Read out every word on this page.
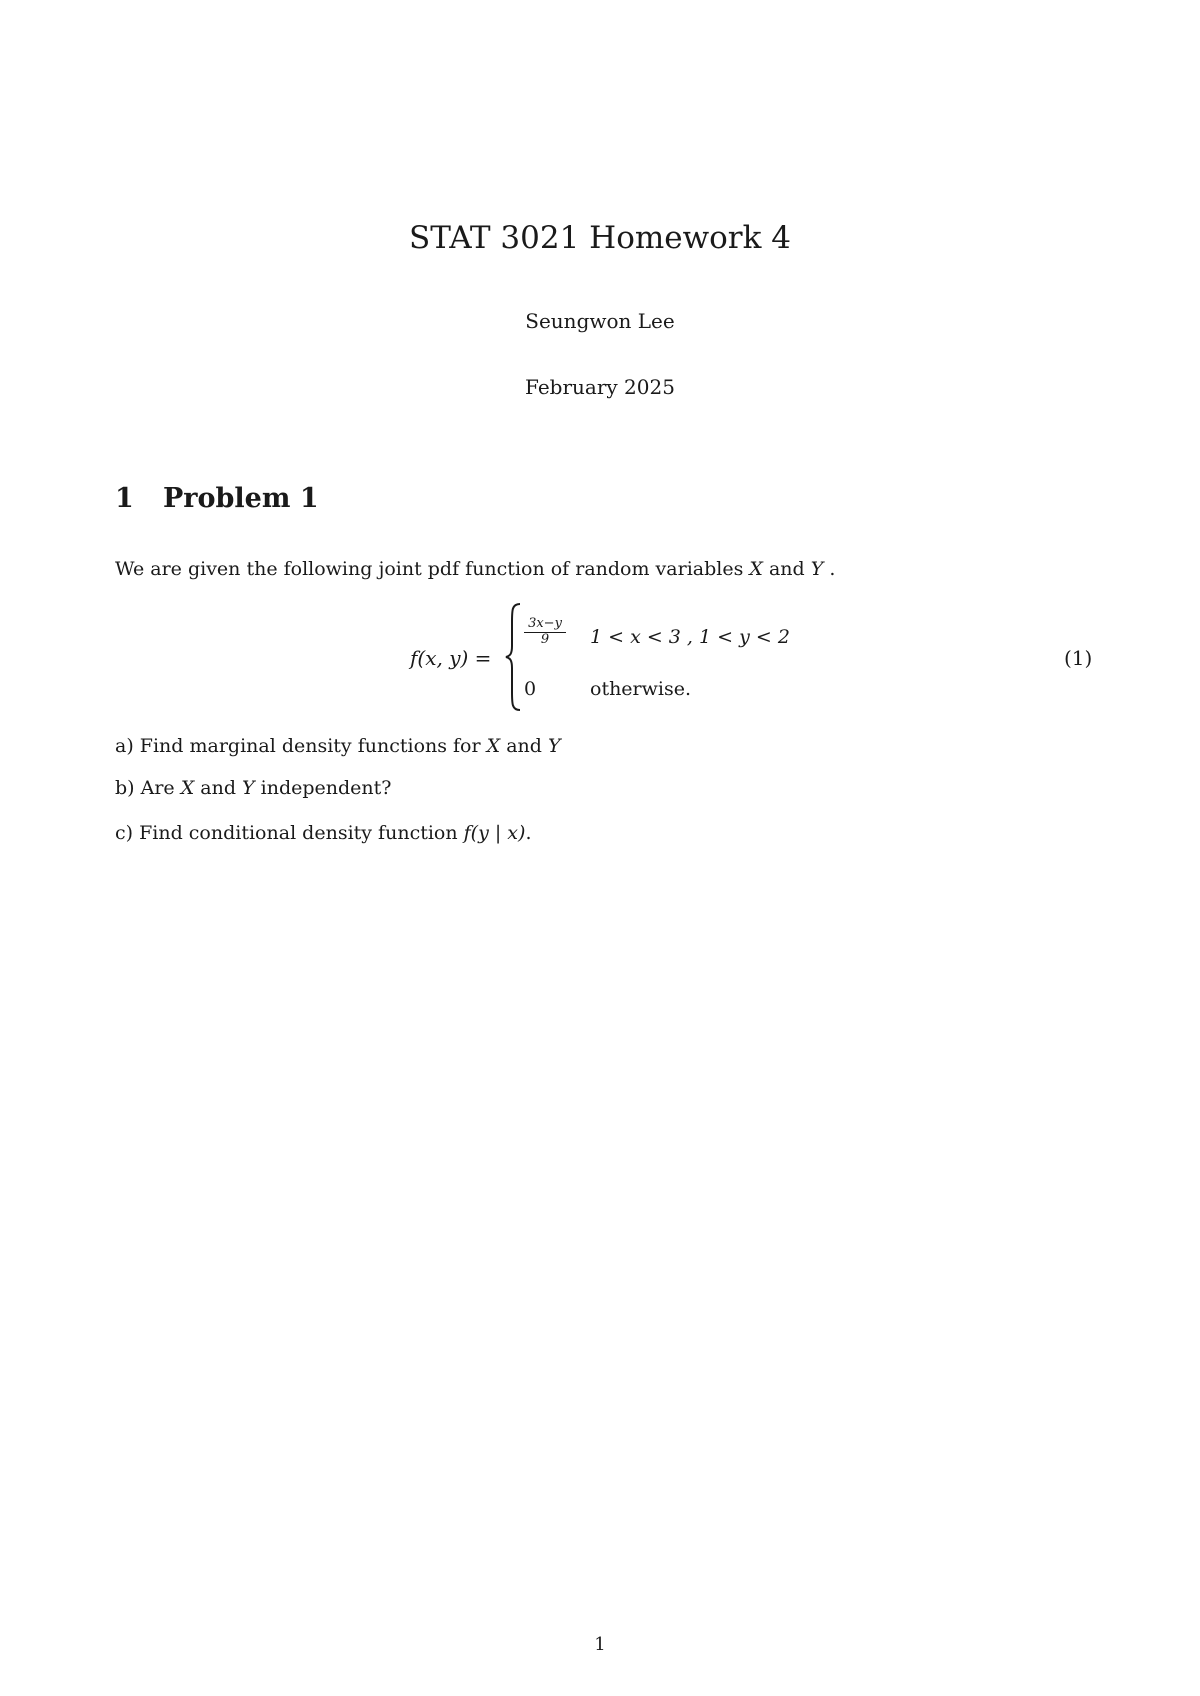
STAT 3021 Homework 4
Seungwon Lee
February 2025
1 Problem 1
We are given the following joint pdf function of random variables X and Y .
f(x, y) =
3x−y
9	1 < x < 3 , 1 < y < 2
0	otherwise.
(1)
a) Find marginal density functions for X and Y
b) Are X and Y independent?
c) Find conditional density function f(y | x).
1
